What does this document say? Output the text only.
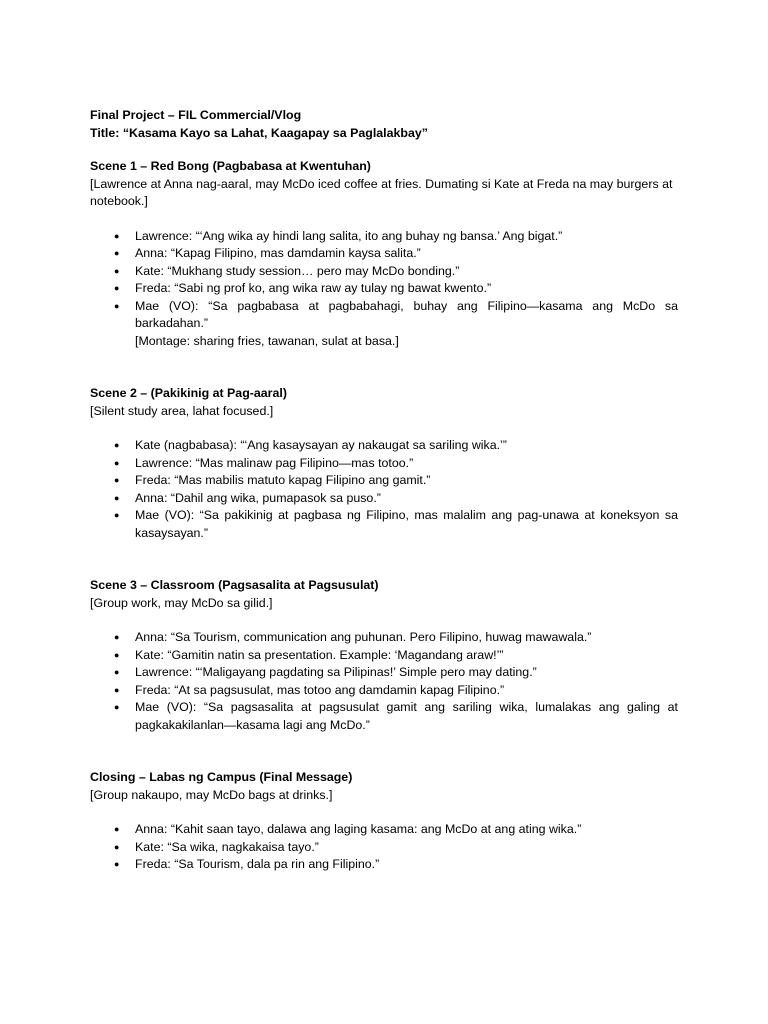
Final Project – FIL Commercial/Vlog
Title: “Kasama Kayo sa Lahat, Kaagapay sa Paglalakbay”
Scene 1 – Red Bong (Pagbabasa at Kwentuhan)

[Lawrence at Anna nag-aaral, may McDo iced coffee at fries. Dumating si Kate at Freda na may burgers at notebook.]

● Lawrence: “‘Ang wika ay hindi lang salita, ito ang buhay ng bansa.’ Ang bigat.”
● Anna: “Kapag Filipino, mas damdamin kaysa salita.”
● Kate: “Mukhang study session… pero may McDo bonding.”
● Freda: “Sabi ng prof ko, ang wika raw ay tulay ng bawat kwento.”
● Mae (VO): “Sa pagbabasa at pagbabahagi, buhay ang Filipino—kasama ang McDo sa barkadahan.”
[Montage: sharing fries, tawanan, sulat at basa.]
Scene 2 – (Pakikinig at Pag-aaral)

[Silent study area, lahat focused.]

● Kate (nagbabasa): “‘Ang kasaysayan ay nakaugat sa sariling wika.’”
● Lawrence: “Mas malinaw pag Filipino—mas totoo.”
● Freda: “Mas mabilis matuto kapag Filipino ang gamit.”
● Anna: “Dahil ang wika, pumapasok sa puso.”
● Mae (VO): “Sa pakikinig at pagbasa ng Filipino, mas malalim ang pag-unawa at koneksyon sa kasaysayan.”
Scene 3 – Classroom (Pagsasalita at Pagsusulat)

[Group work, may McDo sa gilid.]

● Anna: “Sa Tourism, communication ang puhunan. Pero Filipino, huwag mawawala.”
● Kate: “Gamitin natin sa presentation. Example: ‘Magandang araw!’”
● Lawrence: “‘Maligayang pagdating sa Pilipinas!’ Simple pero may dating.”
● Freda: “At sa pagsusulat, mas totoo ang damdamin kapag Filipino.”
● Mae (VO): “Sa pagsasalita at pagsusulat gamit ang sariling wika, lumalakas ang galing at pagkakakilanlan—kasama lagi ang McDo.”
Closing – Labas ng Campus (Final Message)

[Group nakaupo, may McDo bags at drinks.]

● Anna: “Kahit saan tayo, dalawa ang laging kasama: ang McDo at ang ating wika.”
● Kate: “Sa wika, nagkakaisa tayo.”
● Freda: “Sa Tourism, dala pa rin ang Filipino.”
